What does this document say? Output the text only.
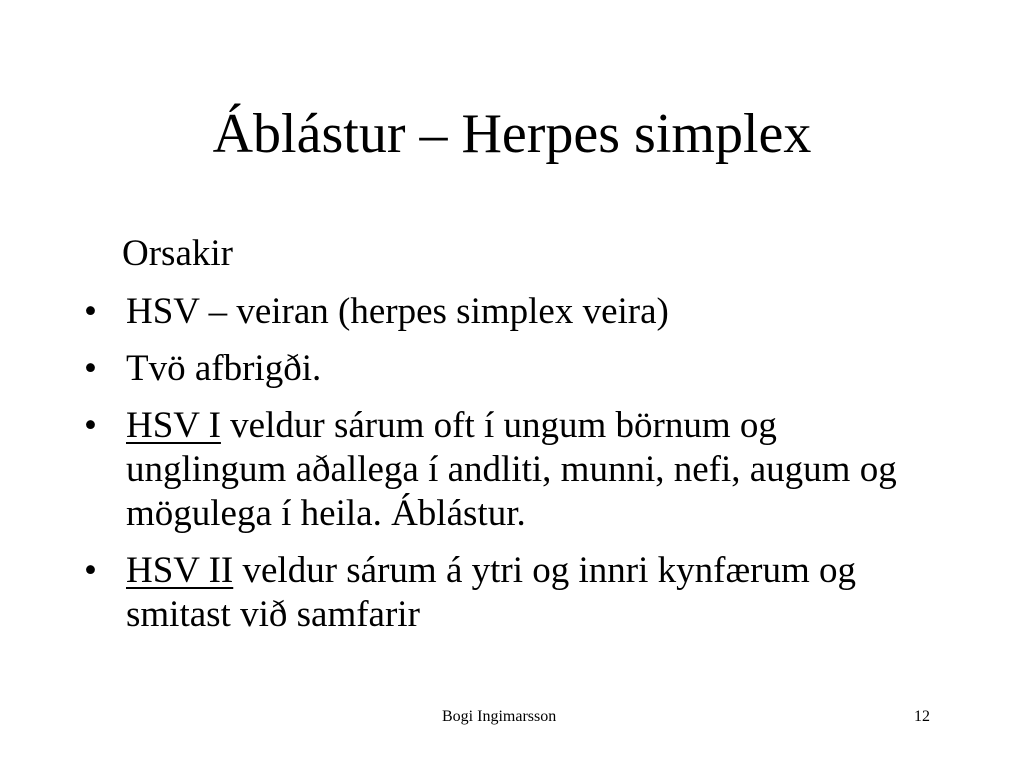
Áblástur – Herpes simplex

Orsakir

• HSV – veiran (herpes simplex veira)
• Tvö afbrigði.
• HSV I veldur sárum oft í ungum börnum og unglingum aðallega í andliti, munni, nefi, augum og mögulega í heila. Áblástur.
• HSV II veldur sárum á ytri og innri kynfærum og smitast við samfarir
Bogi Ingimarsson	12
